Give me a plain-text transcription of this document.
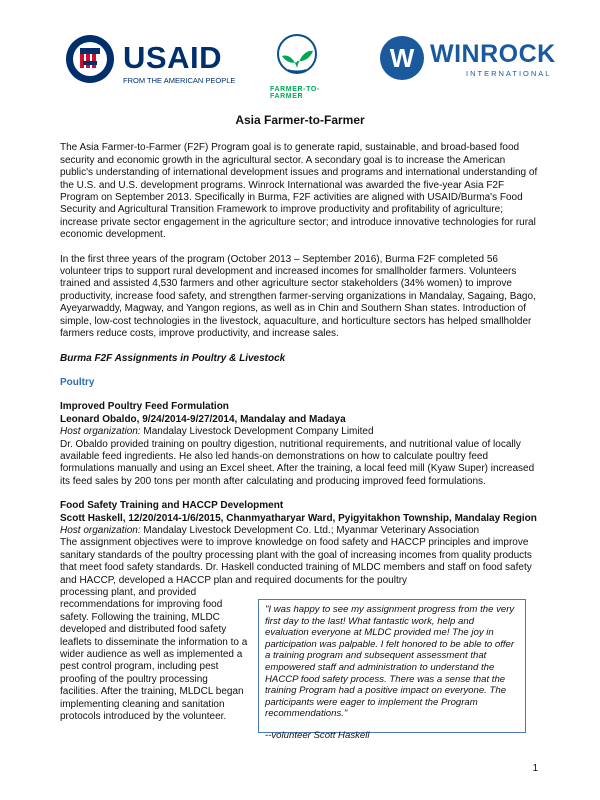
USAID
FROM THE AMERICAN PEOPLE
FARMER-TO-FARMER
W WINROCK
INTERNATIONAL
Asia Farmer-to-Farmer

The Asia Farmer-to-Farmer (F2F) Program goal is to generate rapid, sustainable, and broad-based food security and economic growth in the agricultural sector. A secondary goal is to increase the American public's understanding of international development issues and programs and international understanding of the U.S. and U.S. development programs. Winrock International was awarded the five-year Asia F2F Program on September 2013. Specifically in Burma, F2F activities are aligned with USAID/Burma's Food Security and Agricultural Transition Framework to improve productivity and profitability of agriculture; increase private sector engagement in the agriculture sector; and introduce innovative technologies for rural economic development.

In the first three years of the program (October 2013 – September 2016), Burma F2F completed 56 volunteer trips to support rural development and increased incomes for smallholder farmers. Volunteers trained and assisted 4,530 farmers and other agriculture sector stakeholders (34% women) to improve productivity, increase food safety, and strengthen farmer-serving organizations in Mandalay, Sagaing, Bago, Ayeyarwaddy, Magway, and Yangon regions, as well as in Chin and Southern Shan states. Introduction of simple, low-cost technologies in the livestock, aquaculture, and horticulture sectors has helped smallholder farmers reduce costs, improve productivity, and increase sales.

Burma F2F Assignments in Poultry & Livestock

Poultry

Improved Poultry Feed Formulation

Leonard Obaldo, 9/24/2014-9/27/2014, Mandalay and Madaya

Host organization: Mandalay Livestock Development Company Limited

Dr. Obaldo provided training on poultry digestion, nutritional requirements, and nutritional value of locally available feed ingredients. He also led hands-on demonstrations on how to calculate poultry feed formulations manually and using an Excel sheet. After the training, a local feed mill (Kyaw Super) increased its feed sales by 200 tons per month after calculating and producing improved feed formulations.

Food Safety Training and HACCP Development

Scott Haskell, 12/20/2014-1/6/2015, Chanmyatharyar Ward, Pyigyitakhon Township, Mandalay Region

Host organization: Mandalay Livestock Development Co. Ltd.; Myanmar Veterinary Association

The assignment objectives were to improve knowledge on food safety and HACCP principles and improve sanitary standards of the poultry processing plant with the goal of increasing incomes from quality products that meet food safety standards. Dr. Haskell conducted training of MLDC members and staff on food safety and HACCP, developed a HACCP plan and required documents for the poultry

processing plant, and provided recommendations for improving food safety. Following the training, MLDC developed and distributed food safety leaflets to disseminate the information to a wider audience as well as implemented a pest control program, including pest proofing of the poultry processing facilities. After the training, MLDCL began implementing cleaning and sanitation protocols introduced by the volunteer.

"I was happy to see my assignment progress from the very first day to the last! What fantastic work, help and evaluation everyone at MLDC provided me! The joy in participation was palpable. I felt honored to be able to offer a training program and subsequent assessment that empowered staff and administration to understand the HACCP food safety process. There was a sense that the training Program had a positive impact on everyone. The participants were eager to implement the Program recommendations."

--volunteer Scott Haskell

1
